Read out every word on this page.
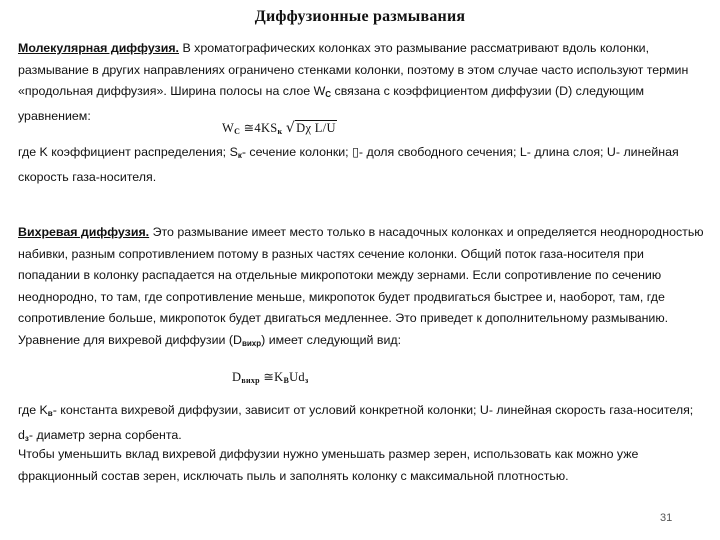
Диффузионные размывания

Молекулярная диффузия. В хроматографических колонках это размывание рассматривают вдоль колонки, размывание в других направлениях ограничено стенками колонки, поэтому в этом случае часто используют термин «продольная диффузия». Ширина полосы на слое $W_C$ связана с коэффициентом диффузии (D) следующим уравнением:

$W_C$ $≅4KS_к$ √Dχ L/U

где K коэффициент распределения; $S_к-$ сечение колонки; ▯- доля свободного сечения; L- длина слоя; U- линейная скорость газа-носителя.

Вихревая диффузия. Это размывание имеет место только в насадочных колонках и определяется неоднородностью набивки, разным сопротивлением потому в разных частях сечение колонки. Общий поток газа-носителя при попадании в колонку распадается на отдельные микропотоки между зернами. Если сопротивление по сечению неоднородно, то там, где сопротивление меньше, микропоток будет продвигаться быстрее и, наоборот, там, где сопротивление больше, микропоток будет двигаться медленнее. Это приведет к дополнительному размыванию. Уравнение для вихревой диффузии $(D_{вихр})$ имеет следующий вид:

$D_{вихр}$ $≅K_BUd_з$

где $K_в-$ константа вихревой диффузии, зависит от условий конкретной колонки; U- линейная скорость газа-носителя; $d_з-$ диаметр зерна сорбента.

Чтобы уменьшить вклад вихревой диффузии нужно уменьшать размер зерен, использовать как можно уже фракционный состав зерен, исключать пыль и заполнять колонку с максимальной плотностью.

31
